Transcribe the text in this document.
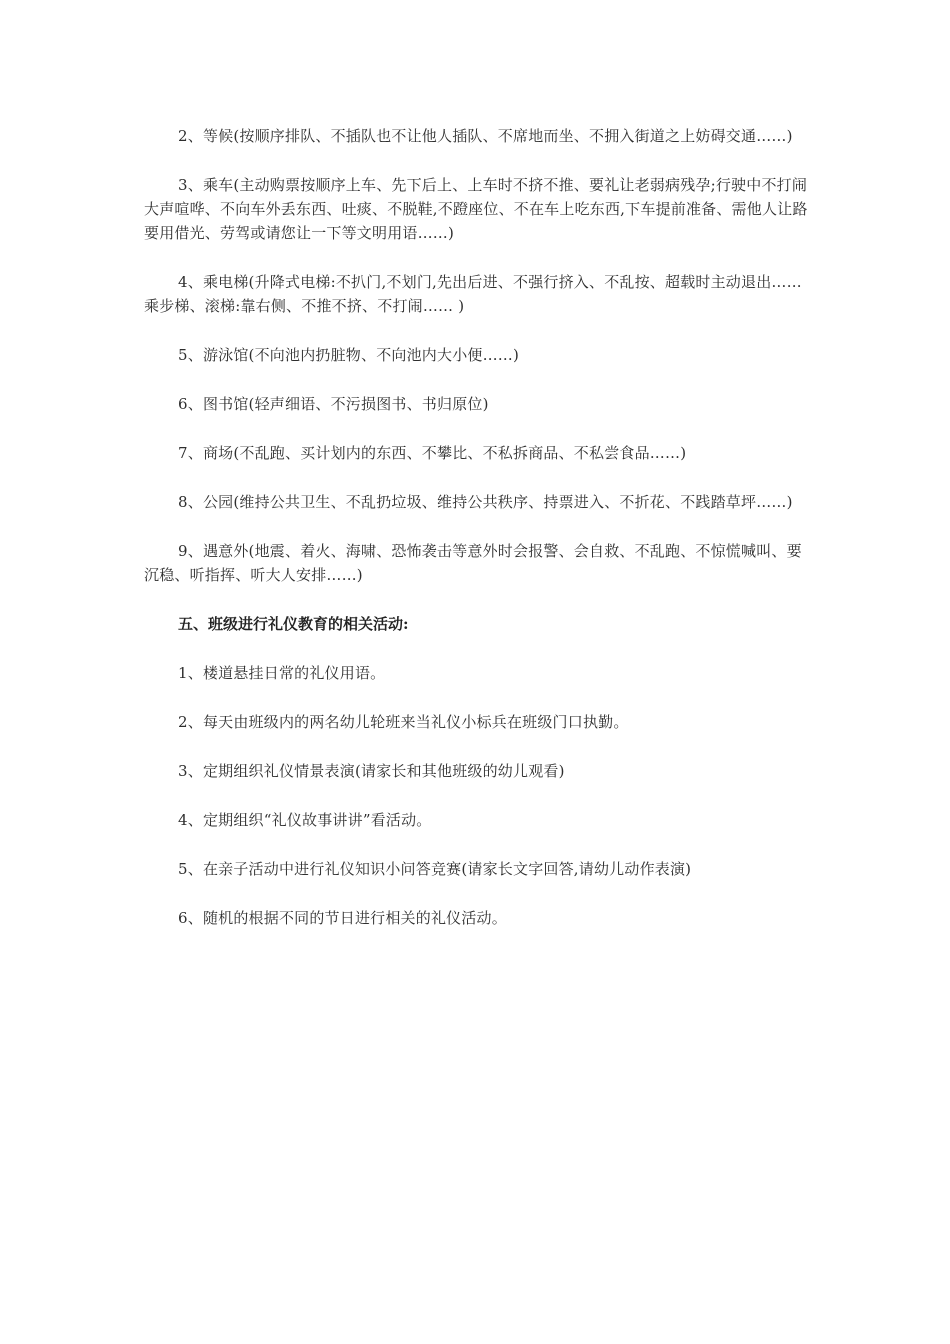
2、等候(按顺序排队、不插队也不让他人插队、不席地而坐、不拥入街道之上妨碍交通……)

3、乘车(主动购票按顺序上车、先下后上、上车时不挤不推、要礼让老弱病残孕;行驶中不打闹大声喧哗、不向车外丢东西、吐痰、不脱鞋,不蹬座位、不在车上吃东西,下车提前准备、需他人让路要用借光、劳驾或请您让一下等文明用语……)

4、乘电梯(升降式电梯:不扒门,不划门,先出后进、不强行挤入、不乱按、超载时主动退出……乘步梯、滚梯:靠右侧、不推不挤、不打闹…… )

5、游泳馆(不向池内扔脏物、不向池内大小便……)

6、图书馆(轻声细语、不污损图书、书归原位)

7、商场(不乱跑、买计划内的东西、不攀比、不私拆商品、不私尝食品……)

8、公园(维持公共卫生、不乱扔垃圾、维持公共秩序、持票进入、不折花、不践踏草坪……)

9、遇意外(地震、着火、海啸、恐怖袭击等意外时会报警、会自救、不乱跑、不惊慌喊叫、要沉稳、听指挥、听大人安排……)

五、班级进行礼仪教育的相关活动:

1、楼道悬挂日常的礼仪用语。

2、每天由班级内的两名幼儿轮班来当礼仪小标兵在班级门口执勤。

3、定期组织礼仪情景表演(请家长和其他班级的幼儿观看)

4、定期组织“礼仪故事讲讲”看活动。

5、在亲子活动中进行礼仪知识小问答竞赛(请家长文字回答,请幼儿动作表演)

6、随机的根据不同的节日进行相关的礼仪活动。
